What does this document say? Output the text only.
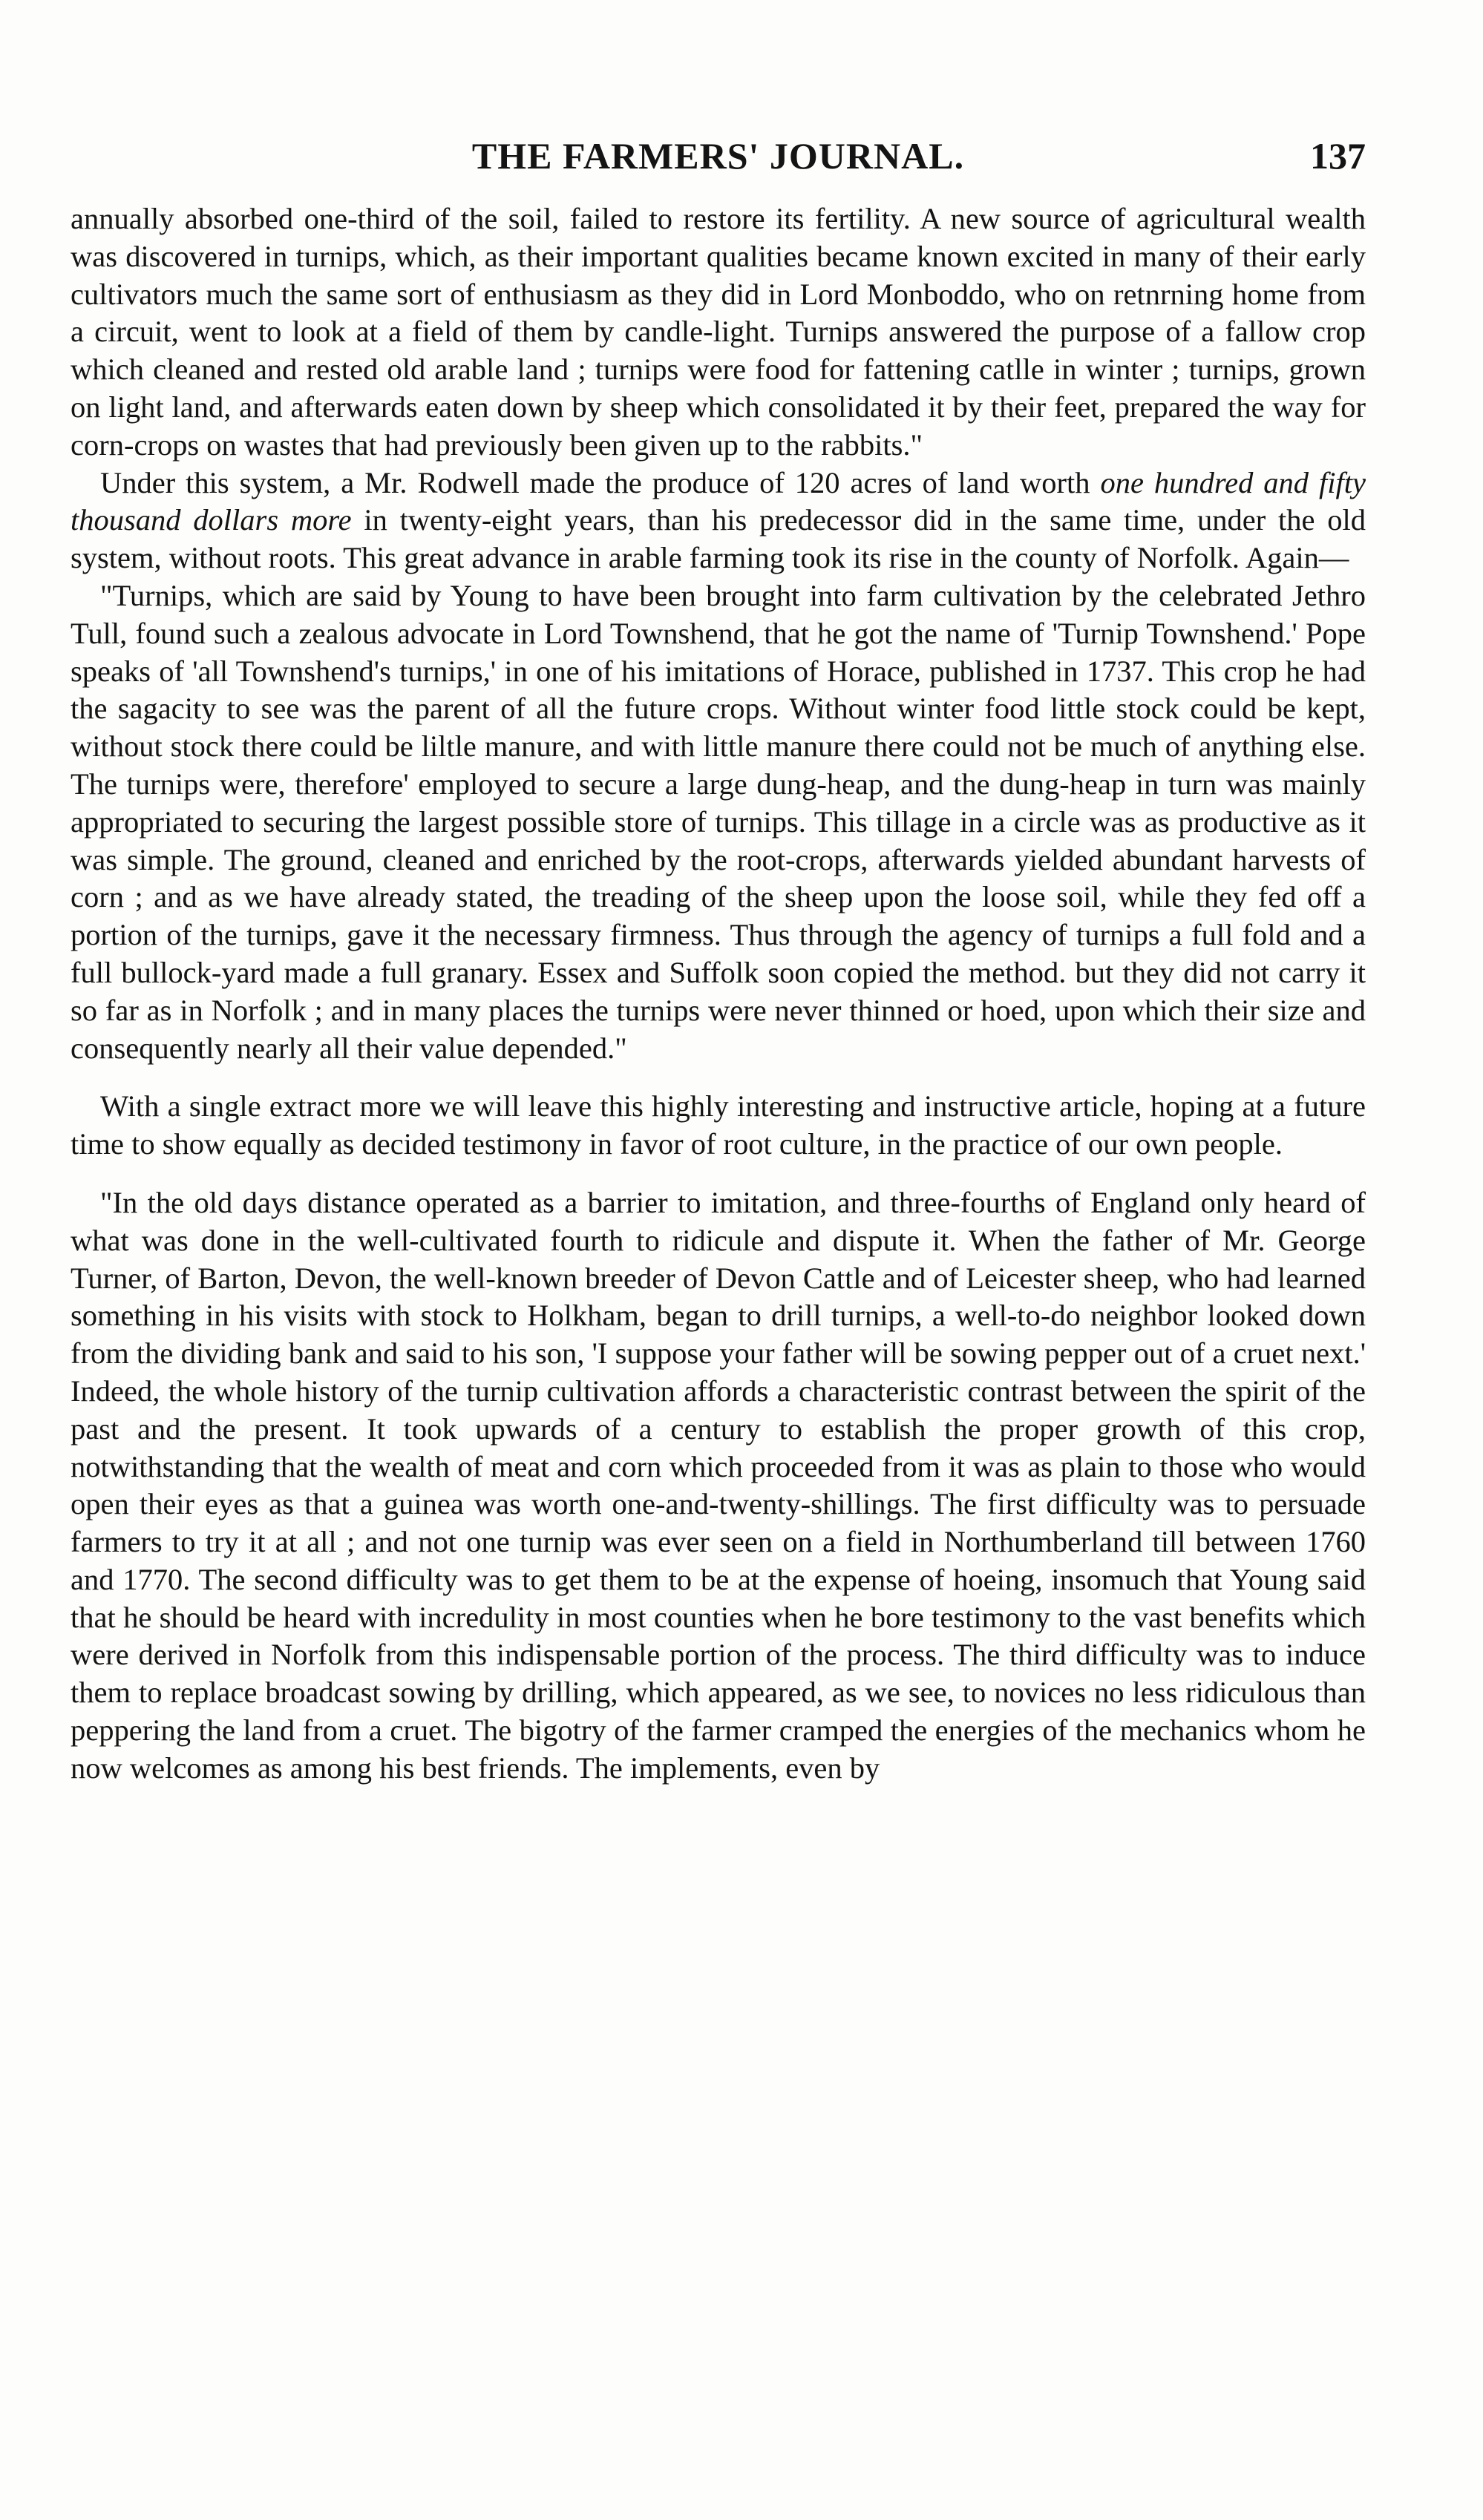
THE FARMERS' JOURNAL.	137

annually absorbed one-third of the soil, failed to restore its fertility. A new source of agricultural wealth was discovered in turnips, which, as their important qualities became known excited in many of their early cultivators much the same sort of enthusiasm as they did in Lord Monboddo, who on retnrning home from a circuit, went to look at a field of them by candle-light. Turnips answered the purpose of a fallow crop which cleaned and rested old arable land ; turnips were food for fattening catlle in winter ; turnips, grown on light land, and afterwards eaten down by sheep which consolidated it by their feet, prepared the way for corn-crops on wastes that had previously been given up to the rabbits."

Under this system, a Mr. Rodwell made the produce of 120 acres of land worth one hundred and fifty thousand dollars more in twenty-eight years, than his predecessor did in the same time, under the old system, without roots. This great advance in arable farming took its rise in the county of Norfolk. Again—

"Turnips, which are said by Young to have been brought into farm cultivation by the celebrated Jethro Tull, found such a zealous advocate in Lord Townshend, that he got the name of 'Turnip Townshend.' Pope speaks of 'all Townshend's turnips,' in one of his imitations of Horace, published in 1737. This crop he had the sagacity to see was the parent of all the future crops. Without winter food little stock could be kept, without stock there could be liltle manure, and with little manure there could not be much of anything else. The turnips were, therefore' employed to secure a large dung-heap, and the dung-heap in turn was mainly appropriated to securing the largest possible store of turnips. This tillage in a circle was as productive as it was simple. The ground, cleaned and enriched by the root-crops, afterwards yielded abundant harvests of corn ; and as we have already stated, the treading of the sheep upon the loose soil, while they fed off a portion of the turnips, gave it the necessary firmness. Thus through the agency of turnips a full fold and a full bullock-yard made a full granary. Essex and Suffolk soon copied the method. but they did not carry it so far as in Norfolk ; and in many places the turnips were never thinned or hoed, upon which their size and consequently nearly all their value depended."

With a single extract more we will leave this highly interesting and instructive article, hoping at a future time to show equally as decided testimony in favor of root culture, in the practice of our own people.

"In the old days distance operated as a barrier to imitation, and three-fourths of England only heard of what was done in the well-cultivated fourth to ridicule and dispute it. When the father of Mr. George Turner, of Barton, Devon, the well-known breeder of Devon Cattle and of Leicester sheep, who had learned something in his visits with stock to Holkham, began to drill turnips, a well-to-do neighbor looked down from the dividing bank and said to his son, 'I suppose your father will be sowing pepper out of a cruet next.' Indeed, the whole history of the turnip cultivation affords a characteristic contrast between the spirit of the past and the present. It took upwards of a century to establish the proper growth of this crop, notwithstanding that the wealth of meat and corn which proceeded from it was as plain to those who would open their eyes as that a guinea was worth one-and-twenty-shillings. The first difficulty was to persuade farmers to try it at all ; and not one turnip was ever seen on a field in Northumberland till between 1760 and 1770. The second difficulty was to get them to be at the expense of hoeing, insomuch that Young said that he should be heard with incredulity in most counties when he bore testimony to the vast benefits which were derived in Norfolk from this indispensable portion of the process. The third difficulty was to induce them to replace broadcast sowing by drilling, which appeared, as we see, to novices no less ridiculous than peppering the land from a cruet. The bigotry of the farmer cramped the energies of the mechanics whom he now welcomes as among his best friends. The implements, even by
